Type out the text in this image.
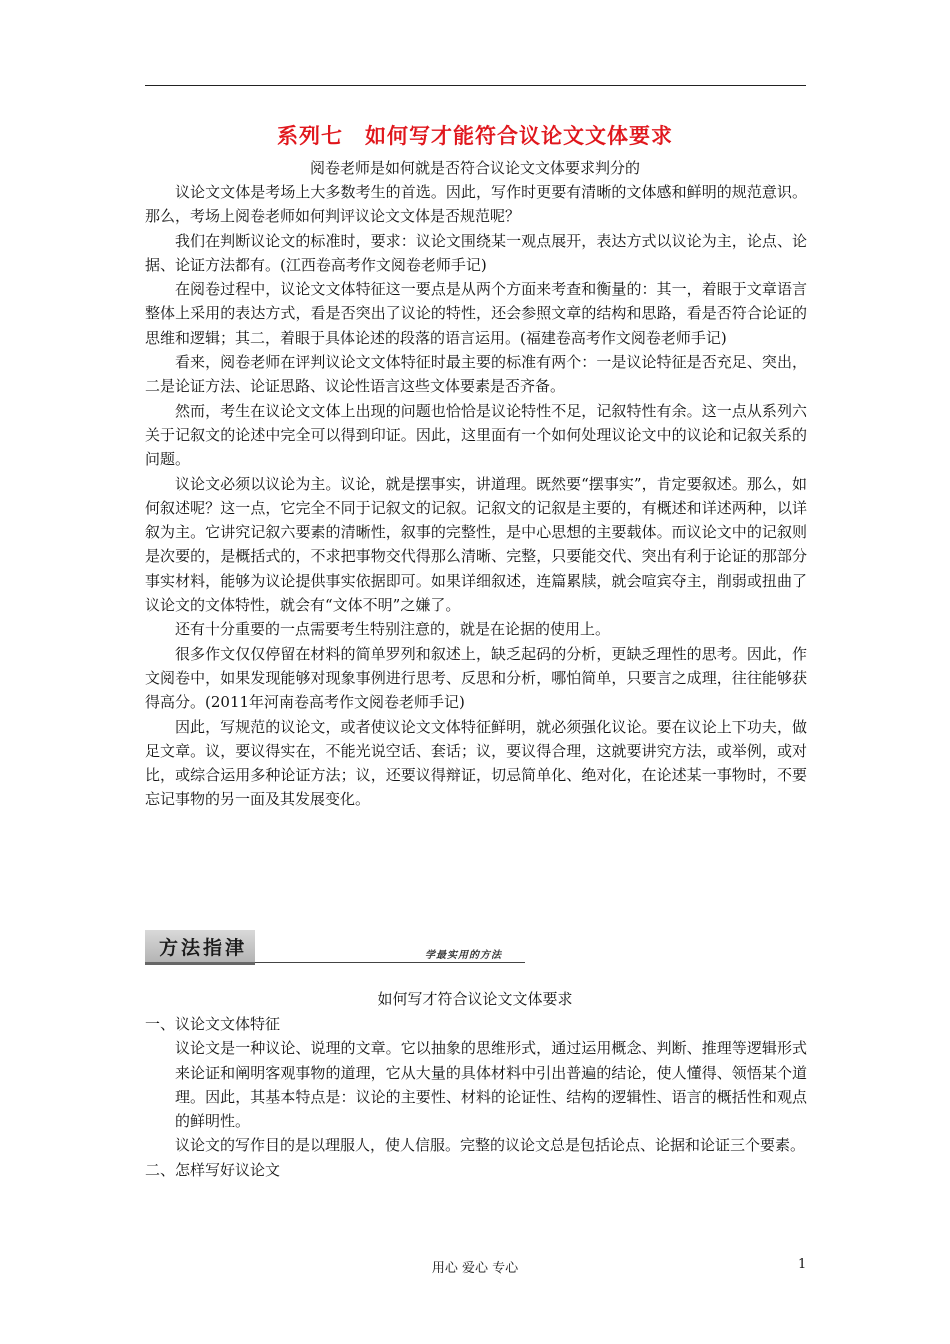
系列七　如何写才能符合议论文文体要求
阅卷老师是如何就是否符合议论文文体要求判分的

议论文文体是考场上大多数考生的首选。因此，写作时更要有清晰的文体感和鲜明的规范意识。那么，考场上阅卷老师如何判评议论文文体是否规范呢？

我们在判断议论文的标准时，要求：议论文围绕某一观点展开，表达方式以议论为主，论点、论据、论证方法都有。(江西卷高考作文阅卷老师手记)

在阅卷过程中，议论文文体特征这一要点是从两个方面来考查和衡量的：其一，着眼于文章语言整体上采用的表达方式，看是否突出了议论的特性，还会参照文章的结构和思路，看是否符合论证的思维和逻辑；其二，着眼于具体论述的段落的语言运用。(福建卷高考作文阅卷老师手记)

看来，阅卷老师在评判议论文文体特征时最主要的标准有两个：一是议论特征是否充足、突出，二是论证方法、论证思路、议论性语言这些文体要素是否齐备。

然而，考生在议论文文体上出现的问题也恰恰是议论特性不足，记叙特性有余。这一点从系列六关于记叙文的论述中完全可以得到印证。因此，这里面有一个如何处理议论文中的议论和记叙关系的问题。

议论文必须以议论为主。议论，就是摆事实，讲道理。既然要“摆事实”，肯定要叙述。那么，如何叙述呢？这一点，它完全不同于记叙文的记叙。记叙文的记叙是主要的，有概述和详述两种，以详叙为主。它讲究记叙六要素的清晰性，叙事的完整性，是中心思想的主要载体。而议论文中的记叙则是次要的，是概括式的，不求把事物交代得那么清晰、完整，只要能交代、突出有利于论证的那部分事实材料，能够为议论提供事实依据即可。如果详细叙述，连篇累牍，就会喧宾夺主，削弱或扭曲了议论文的文体特性，就会有“文体不明”之嫌了。

还有十分重要的一点需要考生特别注意的，就是在论据的使用上。

很多作文仅仅停留在材料的简单罗列和叙述上，缺乏起码的分析，更缺乏理性的思考。因此，作文阅卷中，如果发现能够对现象事例进行思考、反思和分析，哪怕简单，只要言之成理，往往能够获得高分。(2011年河南卷高考作文阅卷老师手记)

因此，写规范的议论文，或者使议论文文体特征鲜明，就必须强化议论。要在议论上下功夫，做足文章。议，要议得实在，不能光说空话、套话；议，要议得合理，这就要讲究方法，或举例，或对比，或综合运用多种论证方法；议，还要议得辩证，切忌简单化、绝对化，在论述某一事物时，不要忘记事物的另一面及其发展变化。

方法指津	学最实用的方法
如何写才符合议论文文体要求

一、议论文文体特征

议论文是一种议论、说理的文章。它以抽象的思维形式，通过运用概念、判断、推理等逻辑形式来论证和阐明客观事物的道理，它从大量的具体材料中引出普遍的结论，使人懂得、领悟某个道理。因此，其基本特点是：议论的主要性、材料的论证性、结构的逻辑性、语言的概括性和观点的鲜明性。

议论文的写作目的是以理服人，使人信服。完整的议论文总是包括论点、论据和论证三个要素。

二、怎样写好议论文

用心 爱心 专心	1
